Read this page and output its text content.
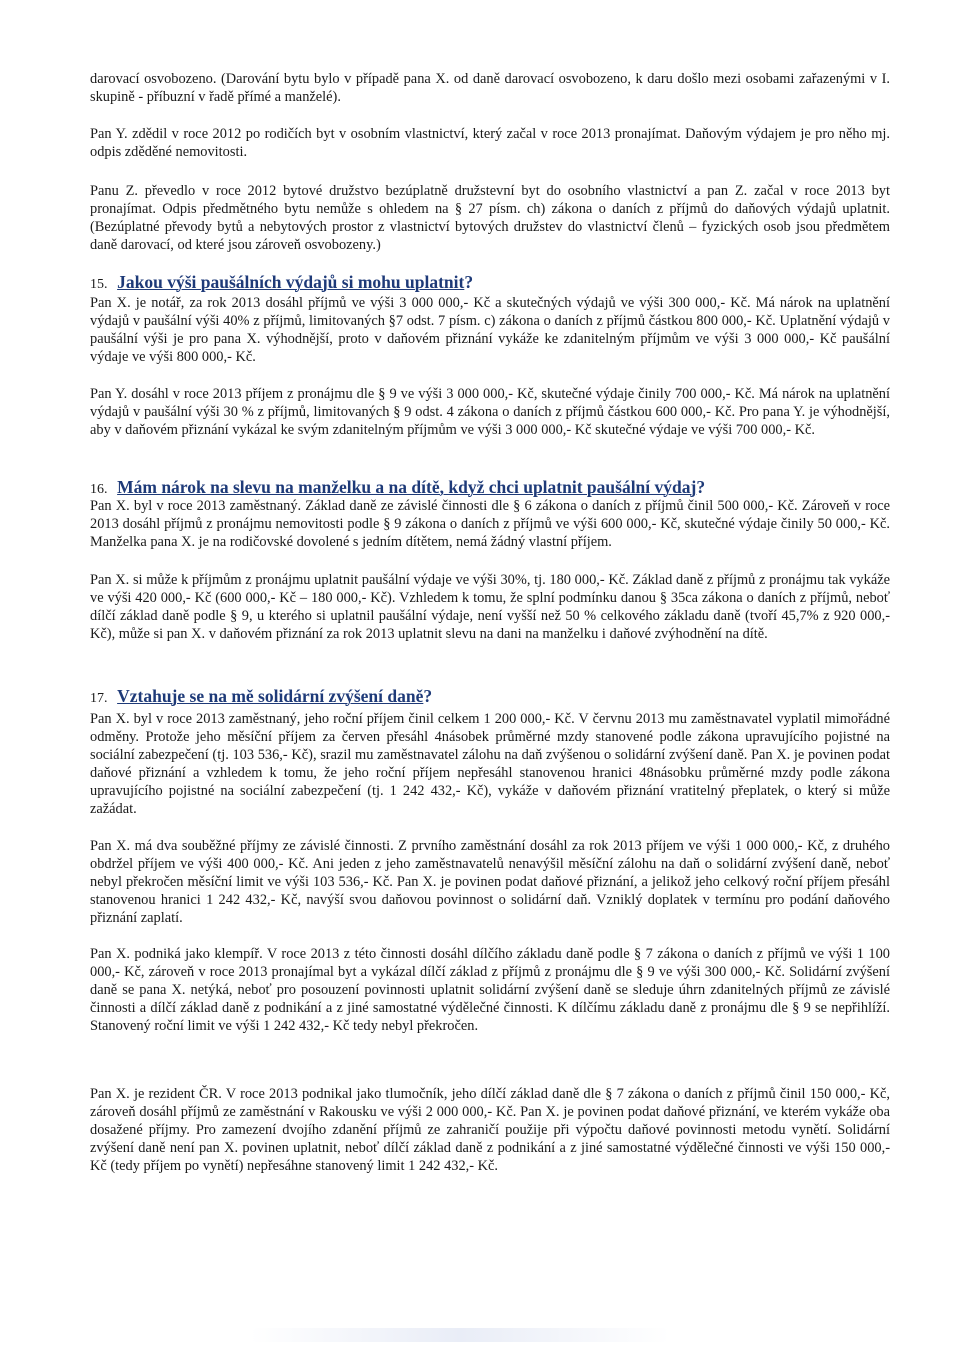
darovací osvobozeno. (Darování bytu bylo v případě pana X. od daně darovací osvobozeno, k daru došlo mezi osobami zařazenými v I. skupině - příbuzní v řadě přímé a manželé).

Pan Y. zdědil v roce 2012 po rodičích byt v osobním vlastnictví, který začal v roce 2013 pronajímat. Daňovým výdajem je pro něho mj. odpis zděděné nemovitosti.

Panu Z. převedlo v roce 2012 bytové družstvo bezúplatně družstevní byt do osobního vlastnictví a pan Z. začal v roce 2013 byt pronajímat. Odpis předmětného bytu nemůže s ohledem na § 27 písm. ch) zákona o daních z příjmů do daňových výdajů uplatnit. (Bezúplatné převody bytů a nebytových prostor z vlastnictví bytových družstev do vlastnictví členů – fyzických osob jsou předmětem daně darovací, od které jsou zároveň osvobozeny.)

15. Jakou výši paušálních výdajů si mohu uplatnit?

Pan X. je notář, za rok 2013 dosáhl příjmů ve výši 3 000 000,- Kč a skutečných výdajů ve výši 300 000,- Kč. Má nárok na uplatnění výdajů v paušální výši 40% z příjmů, limitovaných §7 odst. 7 písm. c) zákona o daních z příjmů částkou 800 000,- Kč. Uplatnění výdajů v paušální výši je pro pana X. výhodnější, proto v daňovém přiznání vykáže ke zdanitelným příjmům ve výši 3 000 000,- Kč paušální výdaje ve výši 800 000,- Kč.

Pan Y. dosáhl v roce 2013 příjem z pronájmu dle § 9 ve výši 3 000 000,- Kč, skutečné výdaje činily 700 000,- Kč. Má nárok na uplatnění výdajů v paušální výši 30 % z příjmů, limitovaných § 9 odst. 4 zákona o daních z příjmů částkou 600 000,- Kč. Pro pana Y. je výhodnější, aby v daňovém přiznání vykázal ke svým zdanitelným příjmům ve výši 3 000 000,- Kč skutečné výdaje ve výši 700 000,- Kč.

16. Mám nárok na slevu na manželku a na dítě, když chci uplatnit paušální výdaj?

Pan X. byl v roce 2013 zaměstnaný. Základ daně ze závislé činnosti dle § 6 zákona o daních z příjmů činil 500 000,- Kč. Zároveň v roce 2013 dosáhl příjmů z pronájmu nemovitosti podle § 9 zákona o daních z příjmů ve výši 600 000,- Kč, skutečné výdaje činily 50 000,- Kč. Manželka pana X. je na rodičovské dovolené s jedním dítětem, nemá žádný vlastní příjem.

Pan X. si může k příjmům z pronájmu uplatnit paušální výdaje ve výši 30%, tj. 180 000,- Kč. Základ daně z příjmů z pronájmu tak vykáže ve výši 420 000,- Kč (600 000,- Kč – 180 000,- Kč). Vzhledem k tomu, že splní podmínku danou § 35ca zákona o daních z příjmů, neboť dílčí základ daně podle § 9, u kterého si uplatnil paušální výdaje, není vyšší než 50 % celkového základu daně (tvoří 45,7% z 920 000,- Kč), může si pan X. v daňovém přiznání za rok 2013 uplatnit slevu na dani na manželku i daňové zvýhodnění na dítě.

17. Vztahuje se na mě solidární zvýšení daně?

Pan X. byl v roce 2013 zaměstnaný, jeho roční příjem činil celkem 1 200 000,- Kč. V červnu 2013 mu zaměstnavatel vyplatil mimořádné odměny. Protože jeho měsíční příjem za červen přesáhl 4násobek průměrné mzdy stanovené podle zákona upravujícího pojistné na sociální zabezpečení (tj. 103 536,- Kč), srazil mu zaměstnavatel zálohu na daň zvýšenou o solidární zvýšení daně. Pan X. je povinen podat daňové přiznání a vzhledem k tomu, že jeho roční příjem nepřesáhl stanovenou hranici 48násobku průměrné mzdy podle zákona upravujícího pojistné na sociální zabezpečení (tj. 1 242 432,- Kč), vykáže v daňovém přiznání vratitelný přeplatek, o který si může zažádat.

Pan X. má dva souběžné příjmy ze závislé činnosti. Z prvního zaměstnání dosáhl za rok 2013 příjem ve výši 1 000 000,- Kč, z druhého obdržel příjem ve výši 400 000,- Kč. Ani jeden z jeho zaměstnavatelů nenavýšil měsíční zálohu na daň o solidární zvýšení daně, neboť nebyl překročen měsíční limit ve výši 103 536,- Kč. Pan X. je povinen podat daňové přiznání, a jelikož jeho celkový roční příjem přesáhl stanovenou hranici 1 242 432,- Kč, navýší svou daňovou povinnost o solidární daň. Vzniklý doplatek v termínu pro podání daňového přiznání zaplatí.

Pan X. podniká jako klempíř. V roce 2013 z této činnosti dosáhl dílčího základu daně podle § 7 zákona o daních z příjmů ve výši 1 100 000,- Kč, zároveň v roce 2013 pronajímal byt a vykázal dílčí základ z příjmů z pronájmu dle § 9 ve výši 300 000,- Kč. Solidární zvýšení daně se pana X. netýká, neboť pro posouzení povinnosti uplatnit solidární zvýšení daně se sleduje úhrn zdanitelných příjmů ze závislé činnosti a dílčí základ daně z podnikání a z jiné samostatné výdělečné činnosti. K dílčímu základu daně z pronájmu dle § 9 se nepřihlíží. Stanovený roční limit ve výši 1 242 432,- Kč tedy nebyl překročen.

Pan X. je rezident ČR. V roce 2013 podnikal jako tlumočník, jeho dílčí základ daně dle § 7 zákona o daních z příjmů činil 150 000,- Kč, zároveň dosáhl příjmů ze zaměstnání v Rakousku ve výši 2 000 000,- Kč. Pan X. je povinen podat daňové přiznání, ve kterém vykáže oba dosažené příjmy. Pro zamezení dvojího zdanění příjmů ze zahraničí použije při výpočtu daňové povinnosti metodu vynětí. Solidární zvýšení daně není pan X. povinen uplatnit, neboť dílčí základ daně z podnikání a z jiné samostatné výdělečné činnosti ve výši 150 000,- Kč (tedy příjem po vynětí) nepřesáhne stanovený limit 1 242 432,- Kč.
